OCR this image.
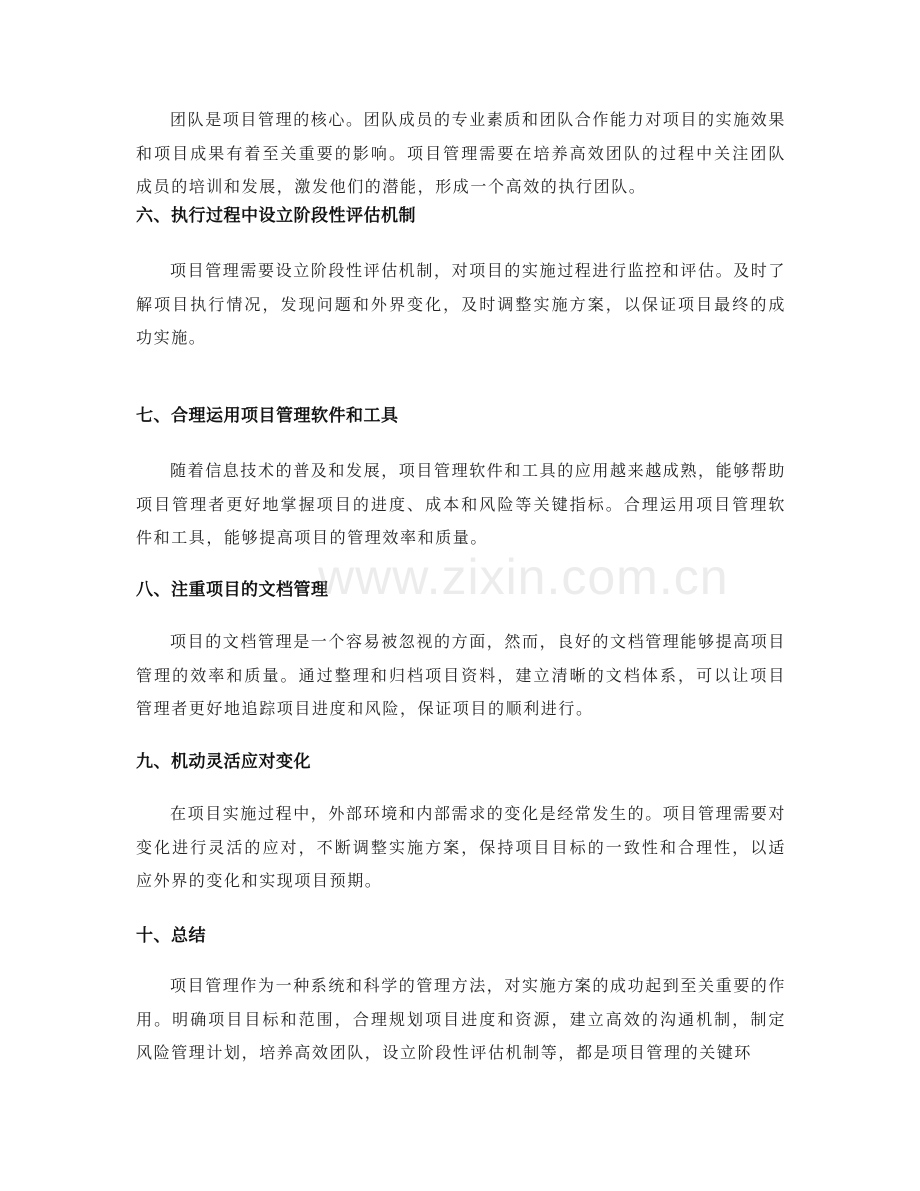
团队是项目管理的核心。团队成员的专业素质和团队合作能力对项目的实施效果和项目成果有着至关重要的影响。项目管理需要在培养高效团队的过程中关注团队成员的培训和发展，激发他们的潜能，形成一个高效的执行团队。

六、执行过程中设立阶段性评估机制

项目管理需要设立阶段性评估机制，对项目的实施过程进行监控和评估。及时了解项目执行情况，发现问题和外界变化，及时调整实施方案，以保证项目最终的成功实施。

七、合理运用项目管理软件和工具

随着信息技术的普及和发展，项目管理软件和工具的应用越来越成熟，能够帮助项目管理者更好地掌握项目的进度、成本和风险等关键指标。合理运用项目管理软件和工具，能够提高项目的管理效率和质量。

八、注重项目的文档管理

项目的文档管理是一个容易被忽视的方面，然而，良好的文档管理能够提高项目管理的效率和质量。通过整理和归档项目资料，建立清晰的文档体系，可以让项目管理者更好地追踪项目进度和风险，保证项目的顺利进行。

九、机动灵活应对变化

在项目实施过程中，外部环境和内部需求的变化是经常发生的。项目管理需要对变化进行灵活的应对，不断调整实施方案，保持项目目标的一致性和合理性，以适应外界的变化和实现项目预期。

十、总结

项目管理作为一种系统和科学的管理方法，对实施方案的成功起到至关重要的作用。明确项目目标和范围，合理规划项目进度和资源，建立高效的沟通机制，制定风险管理计划，培养高效团队，设立阶段性评估机制等，都是项目管理的关键环

www.zixin.com.cn
